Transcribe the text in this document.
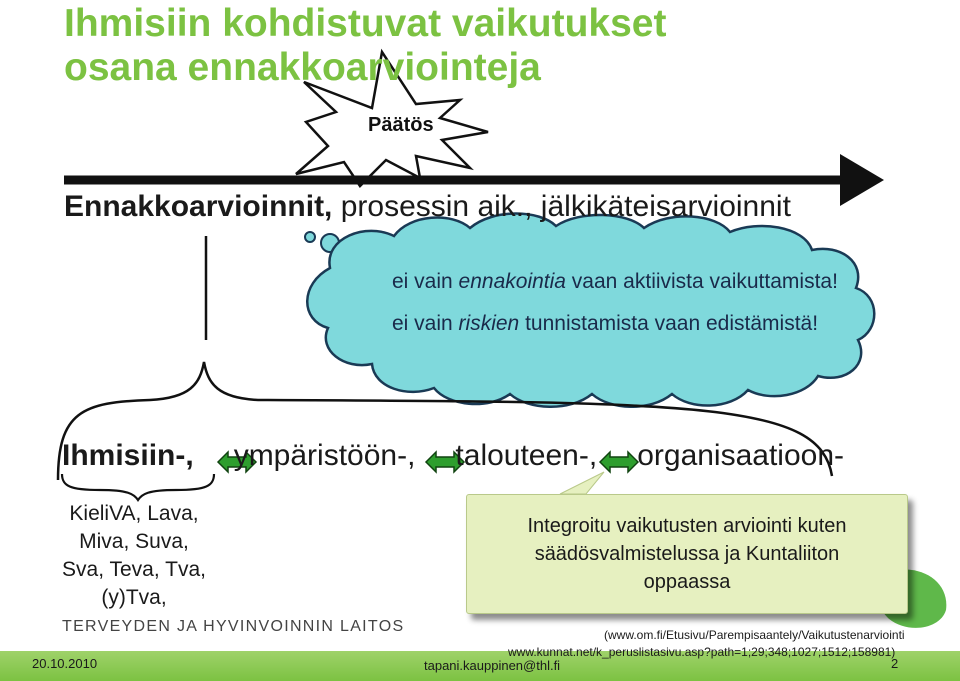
Ihmisiin kohdistuvat vaikutukset
osana ennakkoarviointeja
Päätös
Ennakkoarvioinnit, prosessin aik., jälkikäteisarvioinnit
ei vain ennakointia vaan aktiivista vaikuttamista!
ei vain riskien tunnistamista vaan edistämistä!
Ihmisiin-, ympäristöön-, talouteen-, organisaatioon-
KieliVA, Lava,
Miva, Suva,
Sva, Teva, Tva,
(y)Tva,
Integroitu vaikutusten arviointi kuten
säädösvalmistelussa ja Kuntaliiton
oppaassa
TERVEYDEN JA HYVINVOINNIN LAITOS	(www.om.fi/Etusivu/Parempisaantely/Vaikutustenarviointi
www.kunnat.net/k_peruslistasivu.asp?path=1;29;348;1027;1512;158981)
20.10.2010	tapani.kauppinen@thl.fi	2
